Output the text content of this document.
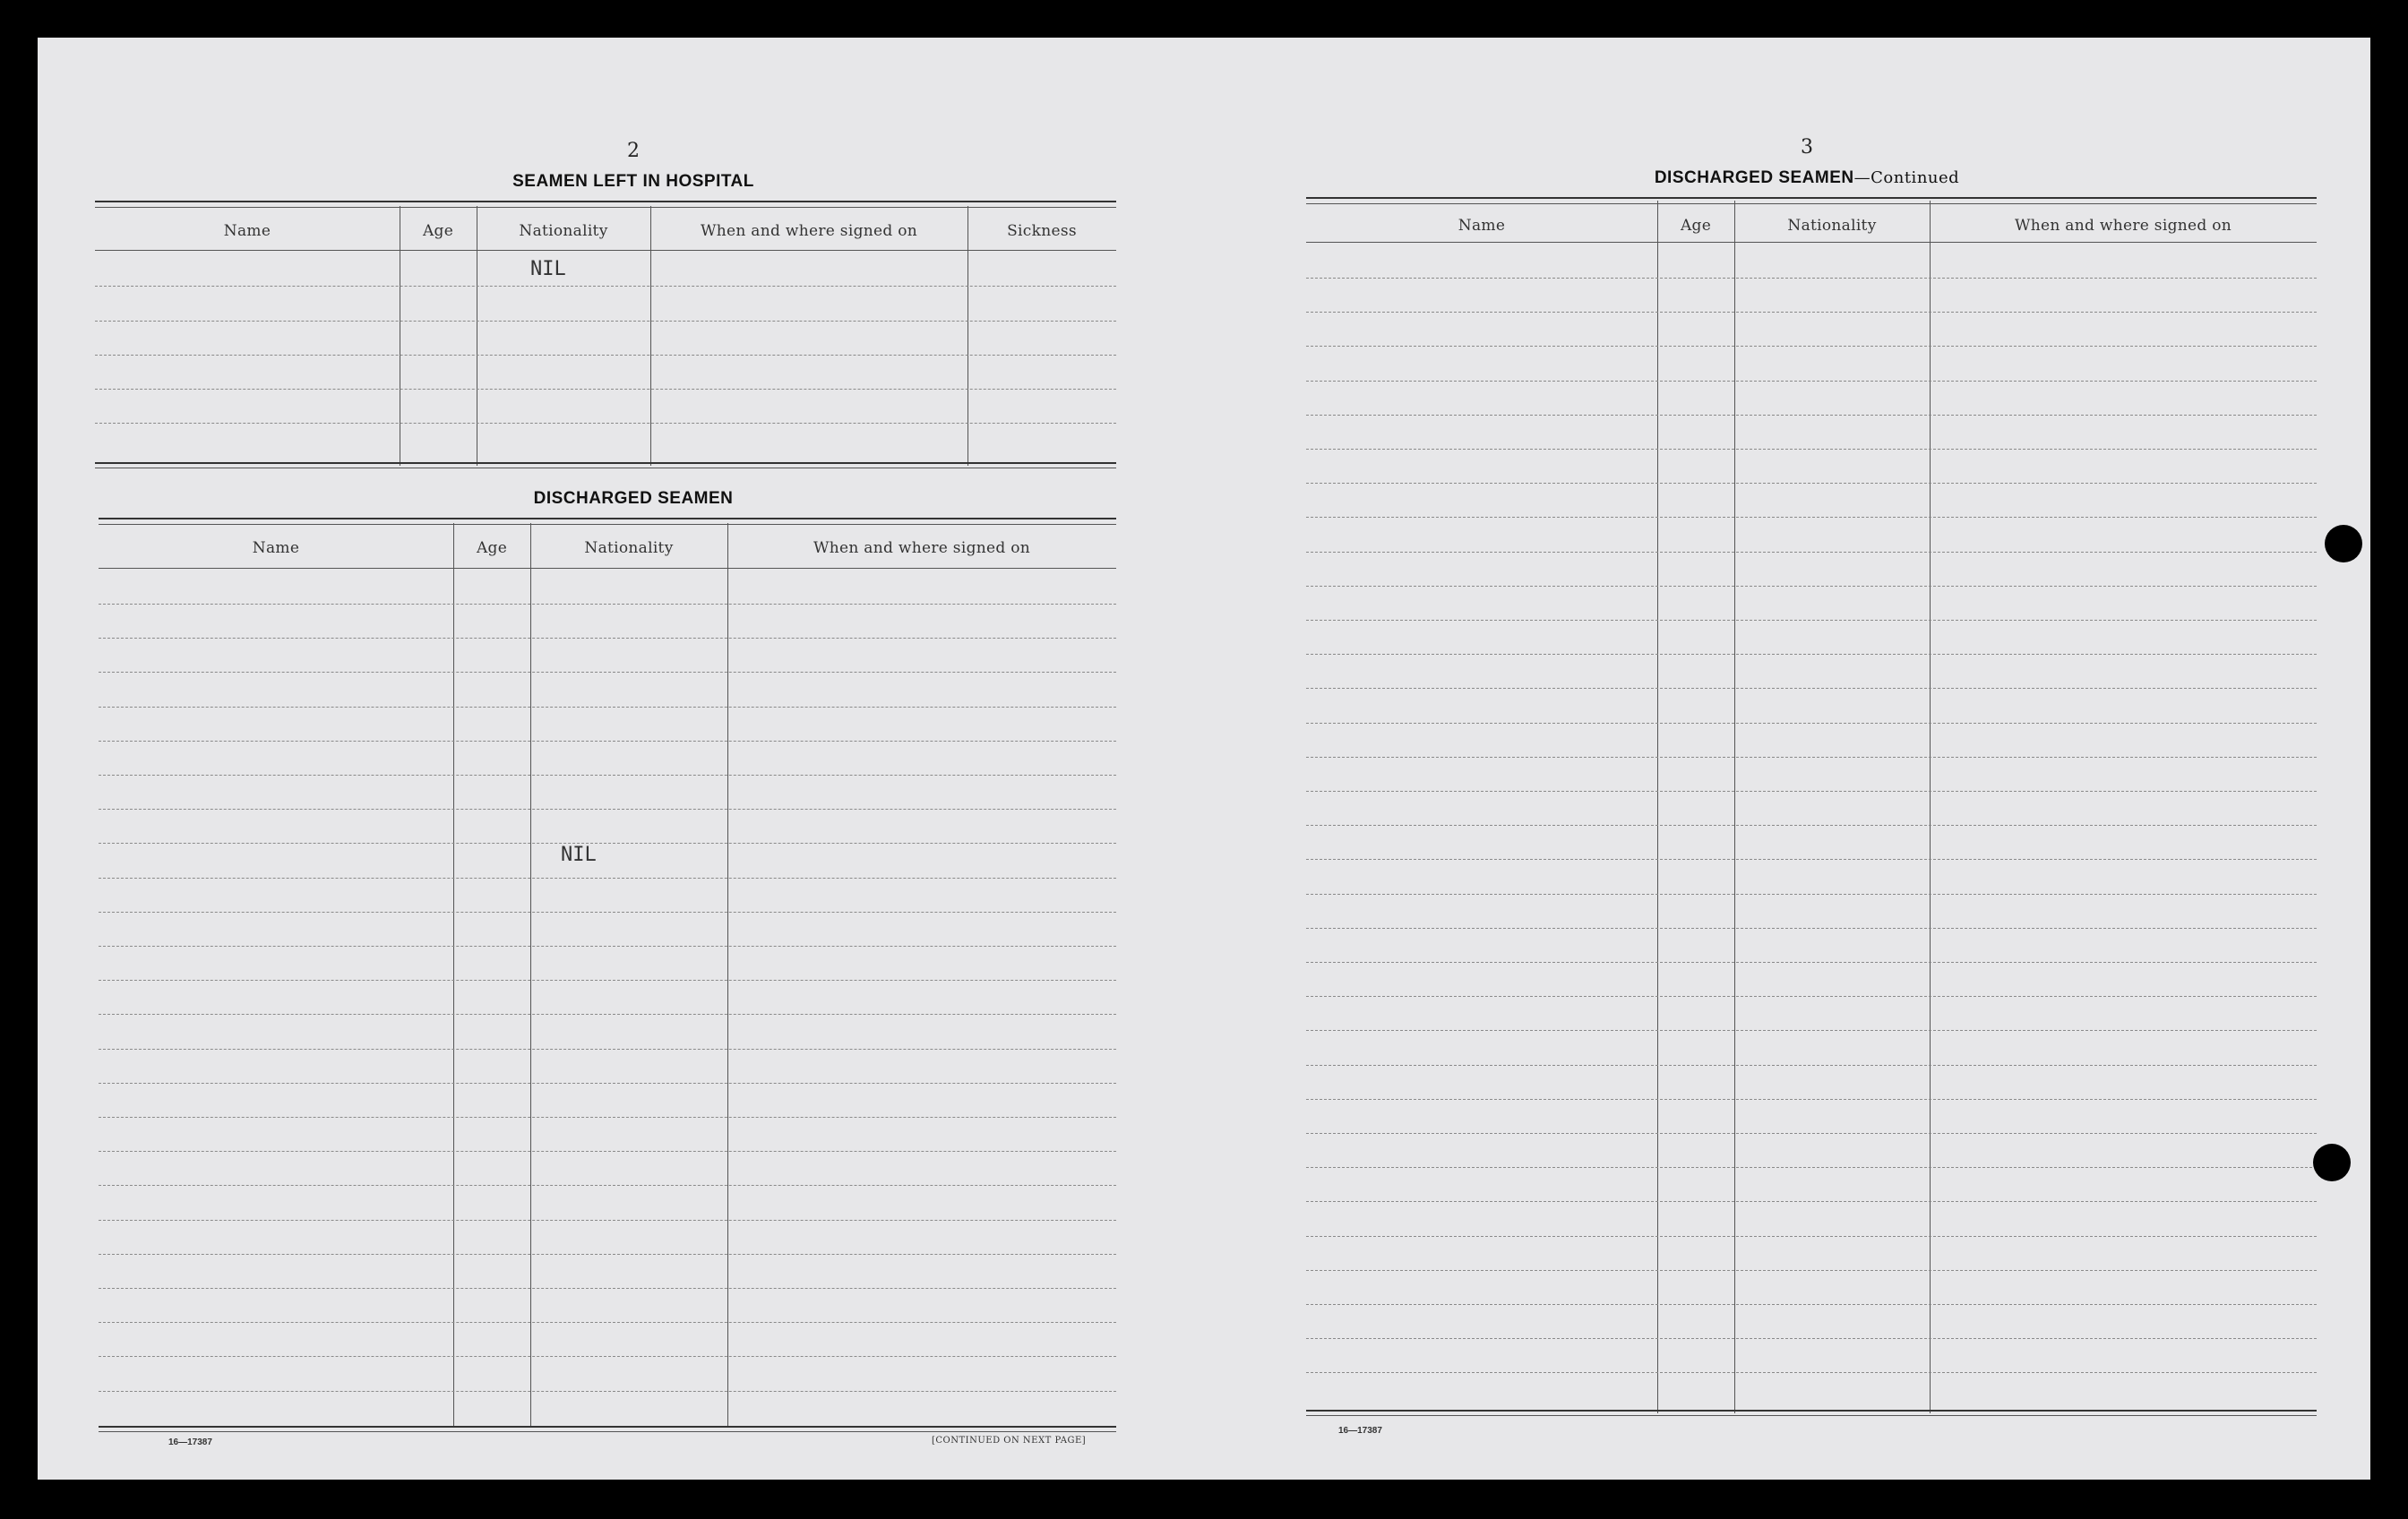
2
SEAMEN LEFT IN HOSPITAL
Name	Age	Nationality	When and where signed on	Sickness
NIL
DISCHARGED SEAMEN
Name	Age	Nationality	When and where signed on
NIL
16—17387	[CONTINUED ON NEXT PAGE]
3
DISCHARGED SEAMEN—Continued
Name	Age	Nationality	When and where signed on
16—17387
